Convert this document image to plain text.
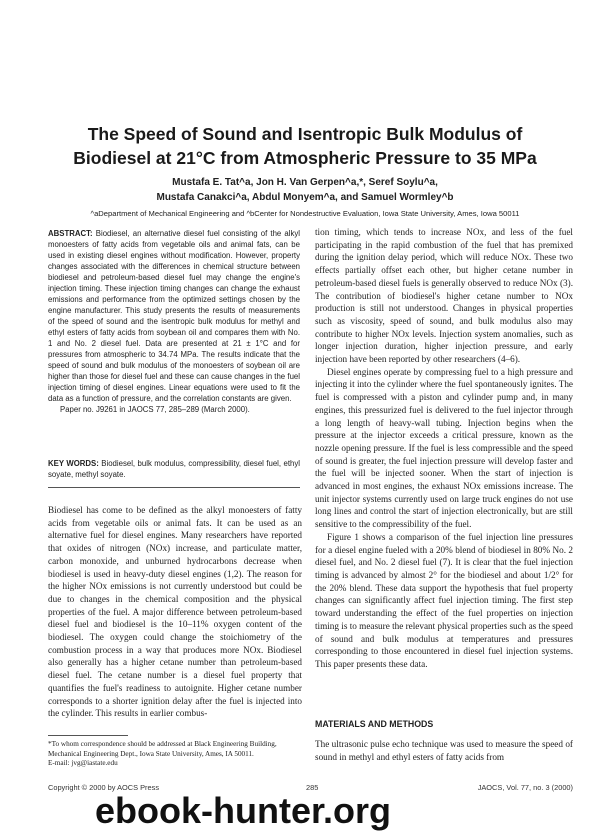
The Speed of Sound and Isentropic Bulk Modulus of
Biodiesel at 21°C from Atmospheric Pressure to 35 MPa
Mustafa E. Tat^a, Jon H. Van Gerpen^a,*, Seref Soylu^a,
Mustafa Canakci^a, Abdul Monyem^a, and Samuel Wormley^b
^aDepartment of Mechanical Engineering and ^bCenter for Nondestructive Evaluation, Iowa State University, Ames, Iowa 50011

ABSTRACT: Biodiesel, an alternative diesel fuel consisting of the alkyl monoesters of fatty acids from vegetable oils and animal fats, can be used in existing diesel engines without modification. However, property changes associated with the differences in chemical structure between biodiesel and petroleum-based diesel fuel may change the engine's injection timing. These injection timing changes can change the exhaust emissions and performance from the optimized settings chosen by the engine manufacturer. This study presents the results of measurements of the speed of sound and the isentropic bulk modulus for methyl and ethyl esters of fatty acids from soybean oil and compares them with No. 1 and No. 2 diesel fuel. Data are presented at 21 ± 1°C and for pressures from atmospheric to 34.74 MPa. The results indicate that the speed of sound and bulk modulus of the monoesters of soybean oil are higher than those for diesel fuel and these can cause changes in the fuel injection timing of diesel engines. Linear equations were used to fit the data as a function of pressure, and the correlation constants are given.
Paper no. J9261 in JAOCS 77, 285–289 (March 2000).

KEY WORDS: Biodiesel, bulk modulus, compressibility, diesel fuel, ethyl soyate, methyl soyate.

Biodiesel has come to be defined as the alkyl monoesters of fatty acids from vegetable oils or animal fats. It can be used as an alternative fuel for diesel engines. Many researchers have reported that oxides of nitrogen (NOx) increase, and particulate matter, carbon monoxide, and unburned hydrocarbons decrease when biodiesel is used in heavy-duty diesel engines (1,2). The reason for the higher NOx emissions is not currently understood but could be due to changes in the chemical composition and the physical properties of the fuel. A major difference between petroleum-based diesel fuel and biodiesel is the 10–11% oxygen content of the biodiesel. The oxygen could change the stoichiometry of the combustion process in a way that produces more NOx. Biodiesel also generally has a higher cetane number than petroleum-based diesel fuel. The cetane number is a diesel fuel property that quantifies the fuel's readiness to autoignite. Higher cetane number corresponds to a shorter ignition delay after the fuel is injected into the cylinder. This results in earlier combus-

*To whom correspondence should be addressed at Black Engineering Building, Mechanical Engineering Dept., Iowa State University, Ames, IA 50011.
E-mail: jvg@iastate.edu

tion timing, which tends to increase NOx, and less of the fuel participating in the rapid combustion of the fuel that has premixed during the ignition delay period, which will reduce NOx. These two effects partially offset each other, but higher cetane number in petroleum-based diesel fuels is generally observed to reduce NOx (3). The contribution of biodiesel's higher cetane number to NOx production is still not understood. Changes in physical properties such as viscosity, speed of sound, and bulk modulus also may contribute to higher NOx levels. Injection system anomalies, such as longer injection duration, higher injection pressure, and early injection have been reported by other researchers (4–6).

Diesel engines operate by compressing fuel to a high pressure and injecting it into the cylinder where the fuel spontaneously ignites. The fuel is compressed with a piston and cylinder pump and, in many engines, this pressurized fuel is delivered to the fuel injector through a long length of heavy-wall tubing. Injection begins when the pressure at the injector exceeds a critical pressure, known as the nozzle opening pressure. If the fuel is less compressible and the speed of sound is greater, the fuel injection pressure will develop faster and the fuel will be injected sooner. When the start of injection is advanced in most engines, the exhaust NOx emissions increase. The unit injector systems currently used on large truck engines do not use long lines and control the start of injection electronically, but are still sensitive to the compressibility of the fuel.

Figure 1 shows a comparison of the fuel injection line pressures for a diesel engine fueled with a 20% blend of biodiesel in 80% No. 2 diesel fuel, and No. 2 diesel fuel (7). It is clear that the fuel injection timing is advanced by almost 2° for the biodiesel and about 1/2° for the 20% blend. These data support the hypothesis that fuel property changes can significantly affect fuel injection timing. The first step toward understanding the effect of the fuel properties on injection timing is to measure the relevant physical properties such as the speed of sound and bulk modulus at temperatures and pressures corresponding to those encountered in diesel fuel injection systems. This paper presents these data.

MATERIALS AND METHODS

The ultrasonic pulse echo technique was used to measure the speed of sound in methyl and ethyl esters of fatty acids from

Copyright © 2000 by AOCS Press	285	JAOCS, Vol. 77, no. 3 (2000)
ebook-hunter.org
